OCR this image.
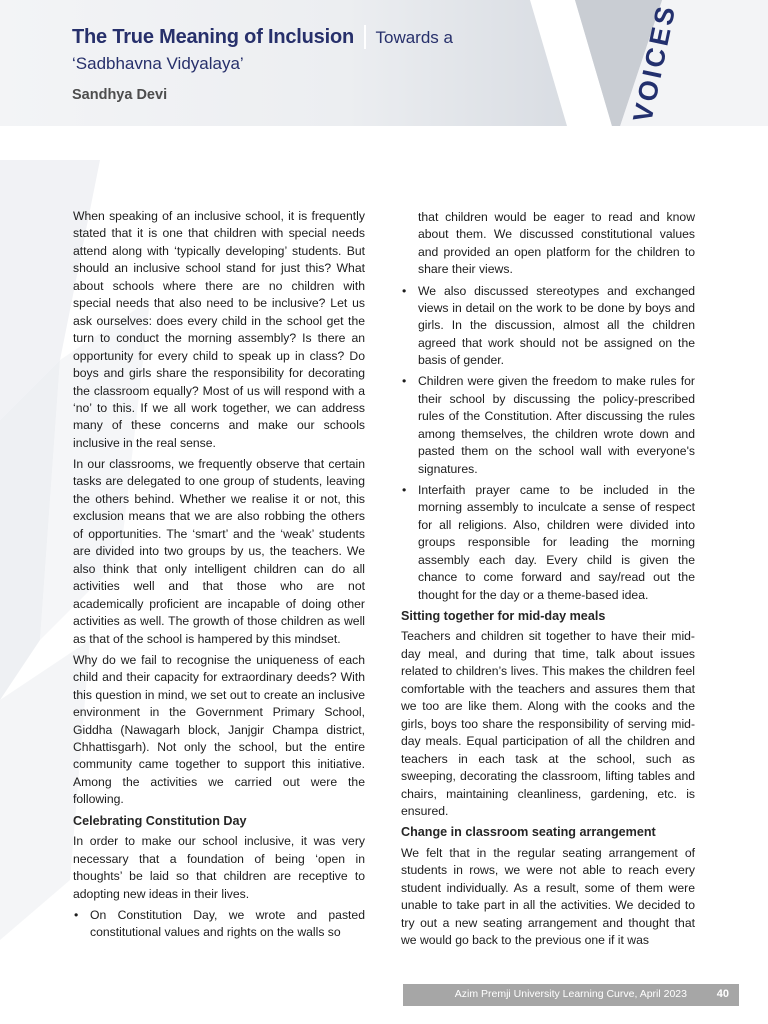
The True Meaning of Inclusion Towards a
‘Sadbhavna Vidyalaya’
Sandhya Devi	VOICES

When speaking of an inclusive school, it is frequently stated that it is one that children with special needs attend along with ‘typically developing’ students. But should an inclusive school stand for just this? What about schools where there are no children with special needs that also need to be inclusive? Let us ask ourselves: does every child in the school get the turn to conduct the morning assembly? Is there an opportunity for every child to speak up in class? Do boys and girls share the responsibility for decorating the classroom equally? Most of us will respond with a ‘no’ to this. If we all work together, we can address many of these concerns and make our schools inclusive in the real sense.

In our classrooms, we frequently observe that certain tasks are delegated to one group of students, leaving the others behind. Whether we realise it or not, this exclusion means that we are also robbing the others of opportunities. The ‘smart’ and the ‘weak’ students are divided into two groups by us, the teachers. We also think that only intelligent children can do all activities well and that those who are not academically proficient are incapable of doing other activities as well. The growth of those children as well as that of the school is hampered by this mindset.

Why do we fail to recognise the uniqueness of each child and their capacity for extraordinary deeds? With this question in mind, we set out to create an inclusive environment in the Government Primary School, Giddha (Nawagarh block, Janjgir Champa district, Chhattisgarh). Not only the school, but the entire community came together to support this initiative. Among the activities we carried out were the following.

Celebrating Constitution Day

In order to make our school inclusive, it was very necessary that a foundation of being ‘open in thoughts’ be laid so that children are receptive to adopting new ideas in their lives.

• On Constitution Day, we wrote and pasted constitutional values and rights on the walls so
that children would be eager to read and know about them. We discussed constitutional values and provided an open platform for the children to share their views.
• We also discussed stereotypes and exchanged views in detail on the work to be done by boys and girls. In the discussion, almost all the children agreed that work should not be assigned on the basis of gender.
• Children were given the freedom to make rules for their school by discussing the policy-prescribed rules of the Constitution. After discussing the rules among themselves, the children wrote down and pasted them on the school wall with everyone's signatures.
• Interfaith prayer came to be included in the morning assembly to inculcate a sense of respect for all religions. Also, children were divided into groups responsible for leading the morning assembly each day. Every child is given the chance to come forward and say/read out the thought for the day or a theme-based idea.
Sitting together for mid-day meals

Teachers and children sit together to have their mid-day meal, and during that time, talk about issues related to children’s lives. This makes the children feel comfortable with the teachers and assures them that we too are like them. Along with the cooks and the girls, boys too share the responsibility of serving mid-day meals. Equal participation of all the children and teachers in each task at the school, such as sweeping, decorating the classroom, lifting tables and chairs, maintaining cleanliness, gardening, etc. is ensured.

Change in classroom seating arrangement

We felt that in the regular seating arrangement of students in rows, we were not able to reach every student individually. As a result, some of them were unable to take part in all the activities. We decided to try out a new seating arrangement and thought that we would go back to the previous one if it was

Azim Premji University Learning Curve, April 2023	40
